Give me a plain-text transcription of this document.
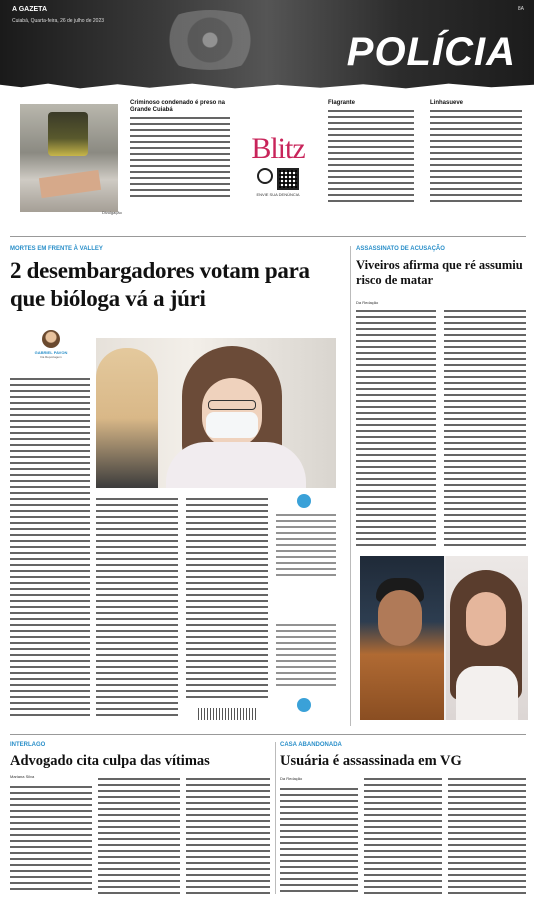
A GAZETA
Cuiabá, Quarta-feira, 26 de julho de 2023
8A
POLÍCIA
Divulgação
Criminoso condenado é preso na Grande Cuiabá
Blitz
ENVIE SUA DENÚNCIA
Flagrante	Linhasueve
MORTES EM FRENTE À VALLEY
2 desembargadores votam para que bióloga vá a júri
GABRIEL PAVON
Da Reportagem
ASSASSINATO DE ACUSAÇÃO
Viveiros afirma que ré assumiu risco de matar
Da Redação
INTERLAGO
Advogado cita culpa das vítimas
Mariana Silva
CASA ABANDONADA
Usuária é assassinada em VG
Da Redação
